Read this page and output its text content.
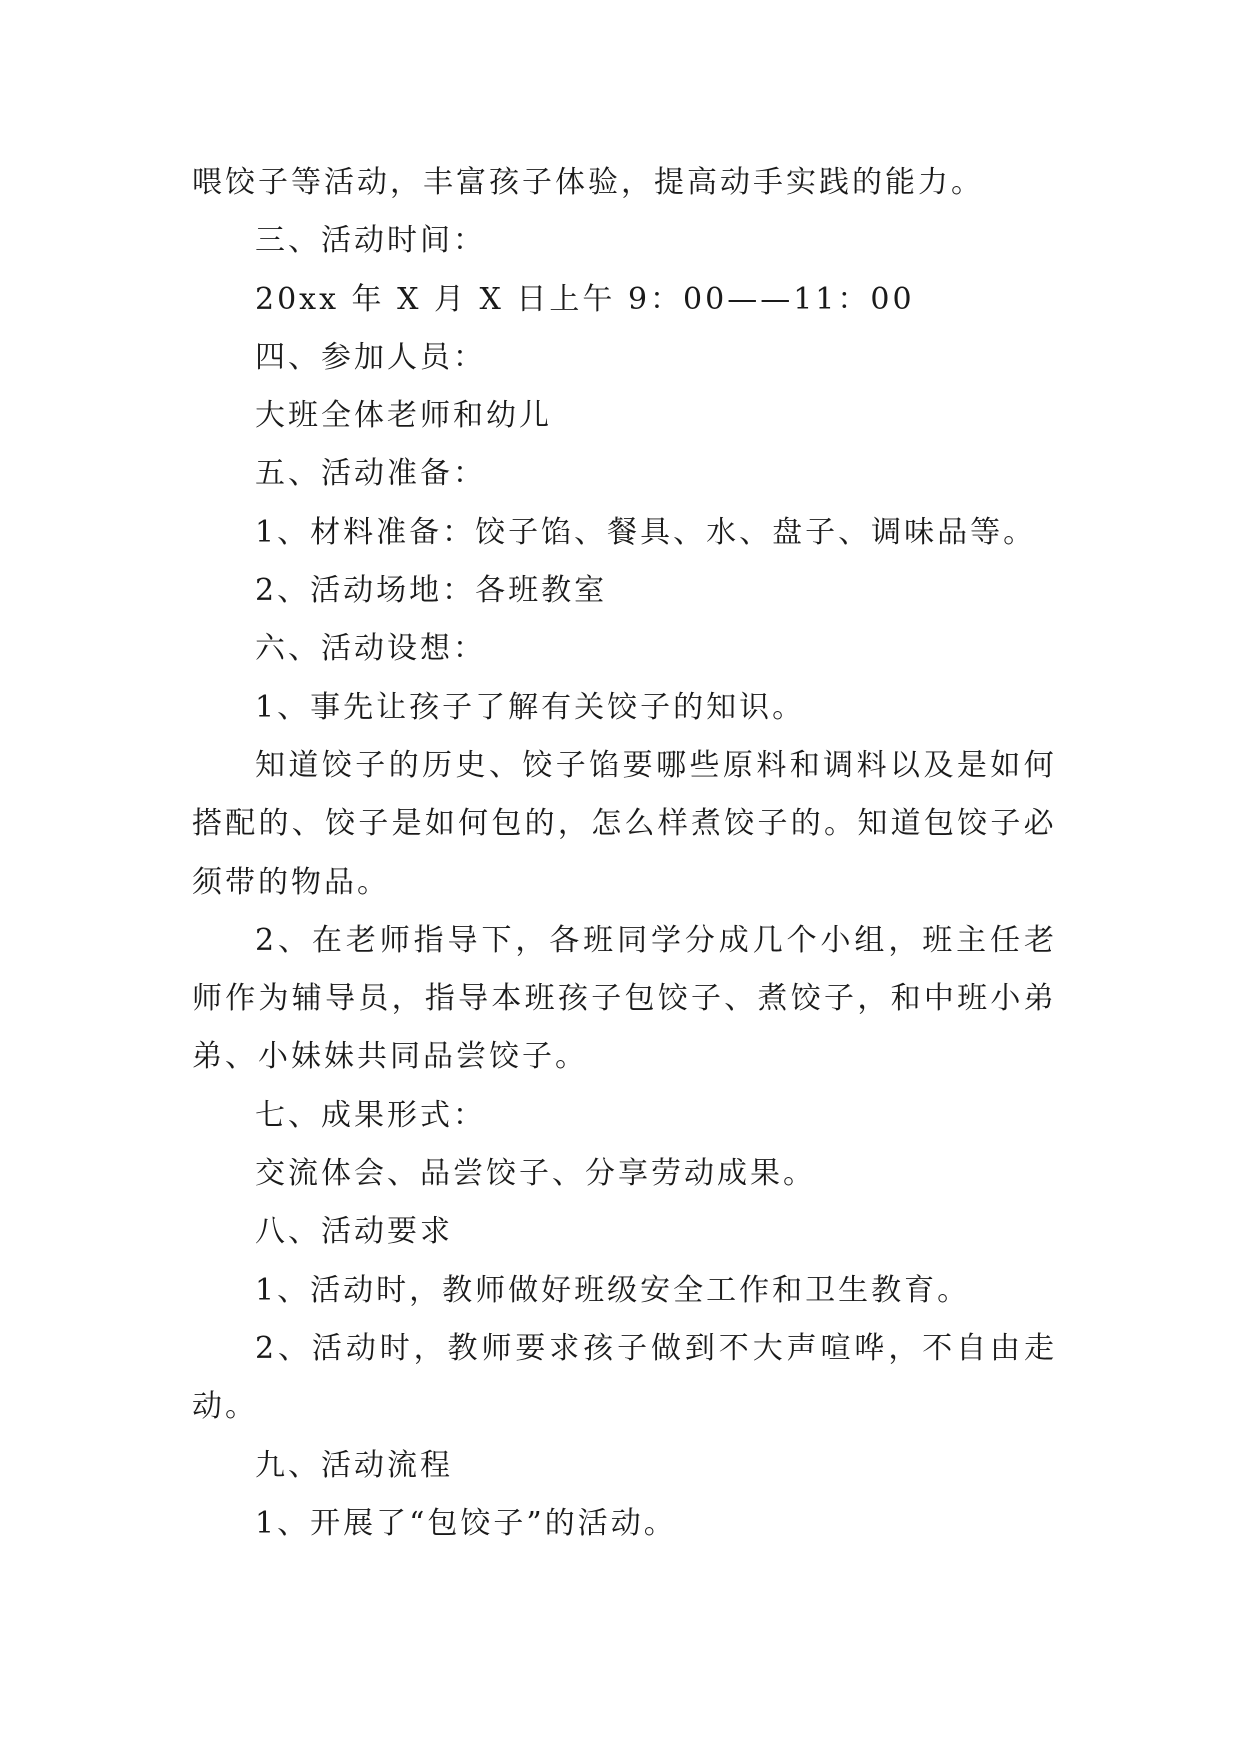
喂饺子等活动，丰富孩子体验，提高动手实践的能力。
三、活动时间：
20xx 年 X 月 X 日上午 9：00——11：00
四、参加人员：
大班全体老师和幼儿
五、活动准备：
1、材料准备：饺子馅、餐具、水、盘子、调味品等。
2、活动场地：各班教室
六、活动设想：
1、事先让孩子了解有关饺子的知识。
知 道 饺 子 的 历 史 、 饺 子 馅 要 哪 些 原 料 和 调 料 以 及 是 如 何
搭 配 的 、 饺 子 是 如 何 包 的 ， 怎 么 样 煮 饺 子 的 。 知 道 包 饺 子 必
须带的物品。
2 、 在 老 师 指 导 下 ， 各 班 同 学 分 成 几 个 小 组 ， 班 主 任 老
师 作 为 辅 导 员 ， 指 导 本 班 孩 子 包 饺 子 、 煮 饺 子 ， 和 中 班 小 弟
弟、小妹妹共同品尝饺子。
七、成果形式：
交流体会、品尝饺子、分享劳动成果。
八、活动要求
1、活动时，教师做好班级安全工作和卫生教育。
2 、 活 动 时 ， 教 师 要 求 孩 子 做 到 不 大 声 喧 哗 ， 不 自 由 走
动。
九、活动流程
1、开展了“包饺子”的活动。
